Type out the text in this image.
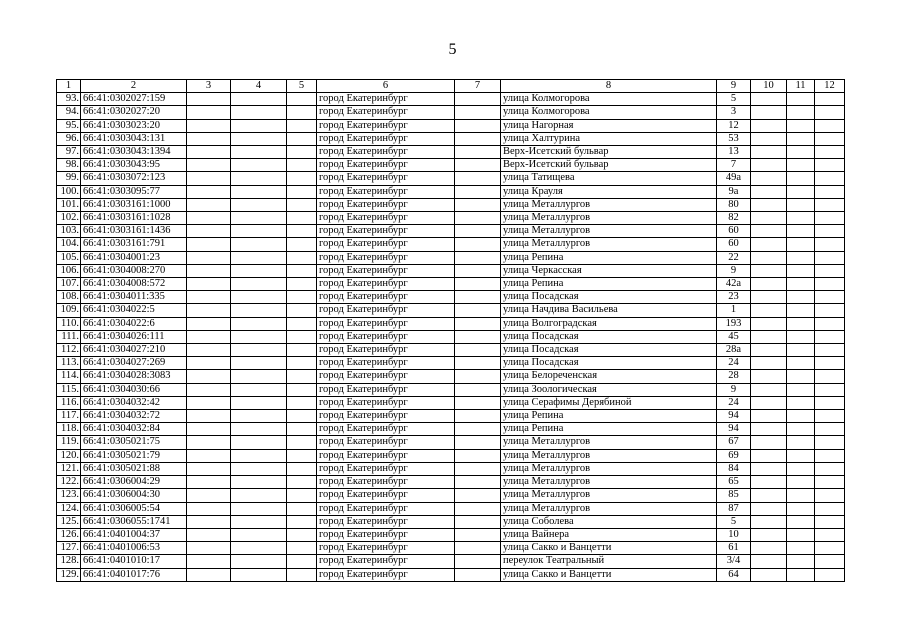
5
1	2	3	4	5	6	7	8	9	10	11	12
93.	66:41:0302027:159				город Екатеринбург		улица Колмогорова	5			
94.	66:41:0302027:20				город Екатеринбург		улица Колмогорова	3			
95.	66:41:0303023:20				город Екатеринбург		улица Нагорная	12			
96.	66:41:0303043:131				город Екатеринбург		улица Халтурина	53			
97.	66:41:0303043:1394				город Екатеринбург		Верх-Исетский бульвар	13			
98.	66:41:0303043:95				город Екатеринбург		Верх-Исетский бульвар	7			
99.	66:41:0303072:123				город Екатеринбург		улица Татищева	49а			
100.	66:41:0303095:77				город Екатеринбург		улица Крауля	9а			
101.	66:41:0303161:1000				город Екатеринбург		улица Металлургов	80			
102.	66:41:0303161:1028				город Екатеринбург		улица Металлургов	82			
103.	66:41:0303161:1436				город Екатеринбург		улица Металлургов	60			
104.	66:41:0303161:791				город Екатеринбург		улица Металлургов	60			
105.	66:41:0304001:23				город Екатеринбург		улица Репина	22			
106.	66:41:0304008:270				город Екатеринбург		улица Черкасская	9			
107.	66:41:0304008:572				город Екатеринбург		улица Репина	42а			
108.	66:41:0304011:335				город Екатеринбург		улица Посадская	23			
109.	66:41:0304022:5				город Екатеринбург		улица Начдива Васильева	1			
110.	66:41:0304022:6				город Екатеринбург		улица Волгоградская	193			
111.	66:41:0304026:111				город Екатеринбург		улица Посадская	45			
112.	66:41:0304027:210				город Екатеринбург		улица Посадская	28а			
113.	66:41:0304027:269				город Екатеринбург		улица Посадская	24			
114.	66:41:0304028:3083				город Екатеринбург		улица Белореченская	28			
115.	66:41:0304030:66				город Екатеринбург		улица Зоологическая	9			
116.	66:41:0304032:42				город Екатеринбург		улица Серафимы Дерябиной	24			
117.	66:41:0304032:72				город Екатеринбург		улица Репина	94			
118.	66:41:0304032:84				город Екатеринбург		улица Репина	94			
119.	66:41:0305021:75				город Екатеринбург		улица Металлургов	67			
120.	66:41:0305021:79				город Екатеринбург		улица Металлургов	69			
121.	66:41:0305021:88				город Екатеринбург		улица Металлургов	84			
122.	66:41:0306004:29				город Екатеринбург		улица Металлургов	65			
123.	66:41:0306004:30				город Екатеринбург		улица Металлургов	85			
124.	66:41:0306005:54				город Екатеринбург		улица Металлургов	87			
125.	66:41:0306055:1741				город Екатеринбург		улица Соболева	5			
126.	66:41:0401004:37				город Екатеринбург		улица Вайнера	10			
127.	66:41:0401006:53				город Екатеринбург		улица Сакко и Ванцетти	61			
128.	66:41:0401010:17				город Екатеринбург		переулок Театральный	3/4			
129.	66:41:0401017:76				город Екатеринбург		улица Сакко и Ванцетти	64			
